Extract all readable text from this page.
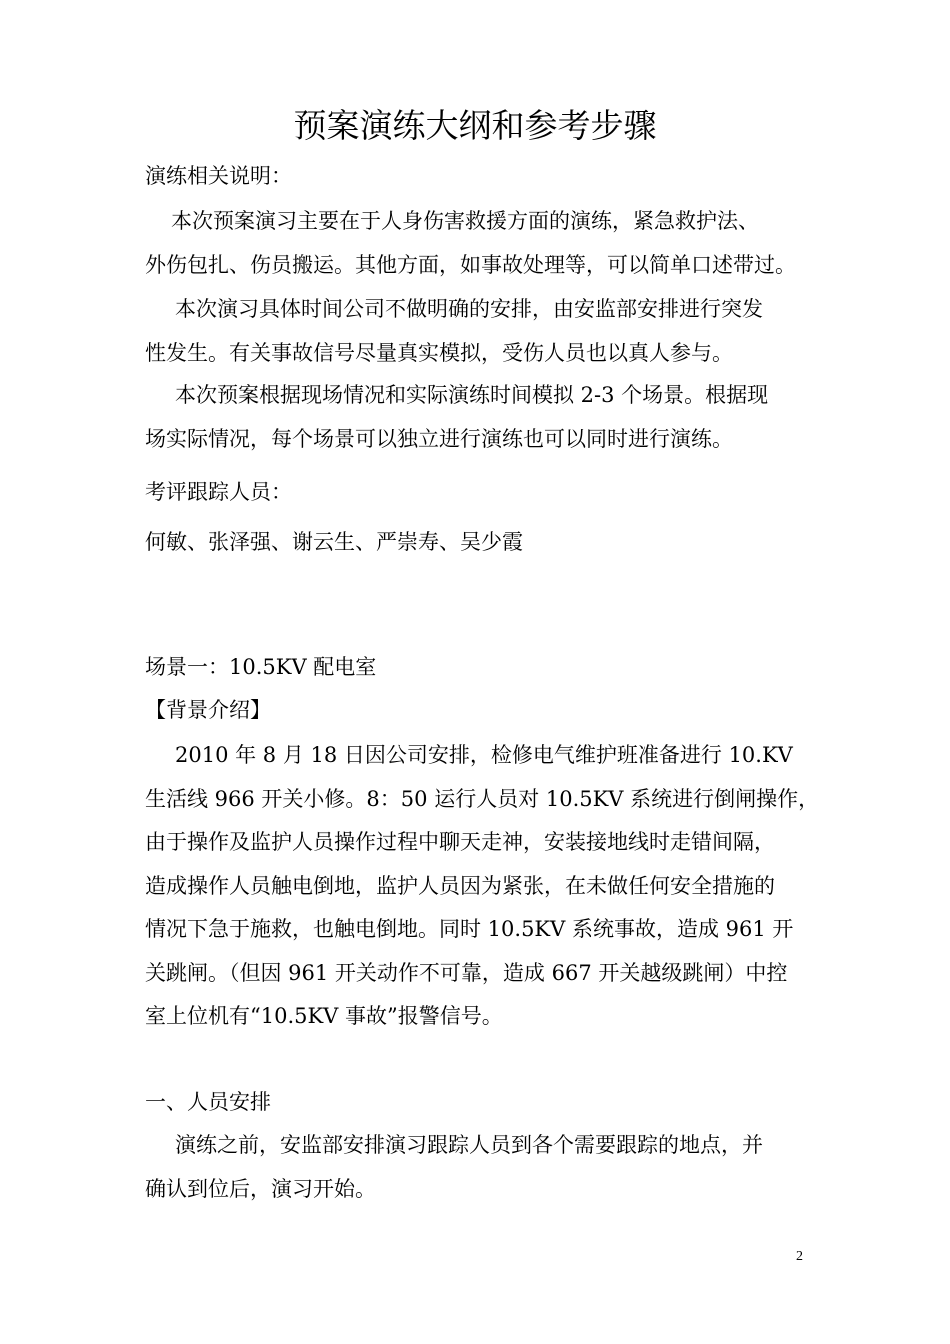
预案演练大纲和参考步骤
演练相关说明：
本次预案演习主要在于人身伤害救援方面的演练，紧急救护法、
外伤包扎、伤员搬运。其他方面，如事故处理等，可以简单口述带过。
本次演习具体时间公司不做明确的安排，由安监部安排进行突发
性发生。有关事故信号尽量真实模拟，受伤人员也以真人参与。
本次预案根据现场情况和实际演练时间模拟 2-3 个场景。根据现
场实际情况，每个场景可以独立进行演练也可以同时进行演练。
考评跟踪人员：
何敏、张泽强、谢云生、严崇寿、吴少霞
场景一：10.5KV 配电室
【背景介绍】
2010 年 8 月 18 日因公司安排，检修电气维护班准备进行 10.KV
生活线 966 开关小修。8：50 运行人员对 10.5KV 系统进行倒闸操作，
由于操作及监护人员操作过程中聊天走神，安装接地线时走错间隔，
造成操作人员触电倒地，监护人员因为紧张，在未做任何安全措施的
情况下急于施救，也触电倒地。同时 10.5KV 系统事故，造成 961 开
关跳闸。（但因 961 开关动作不可靠，造成 667 开关越级跳闸）中控
室上位机有“10.5KV 事故”报警信号。
一、人员安排
演练之前，安监部安排演习跟踪人员到各个需要跟踪的地点，并
确认到位后，演习开始。
2
